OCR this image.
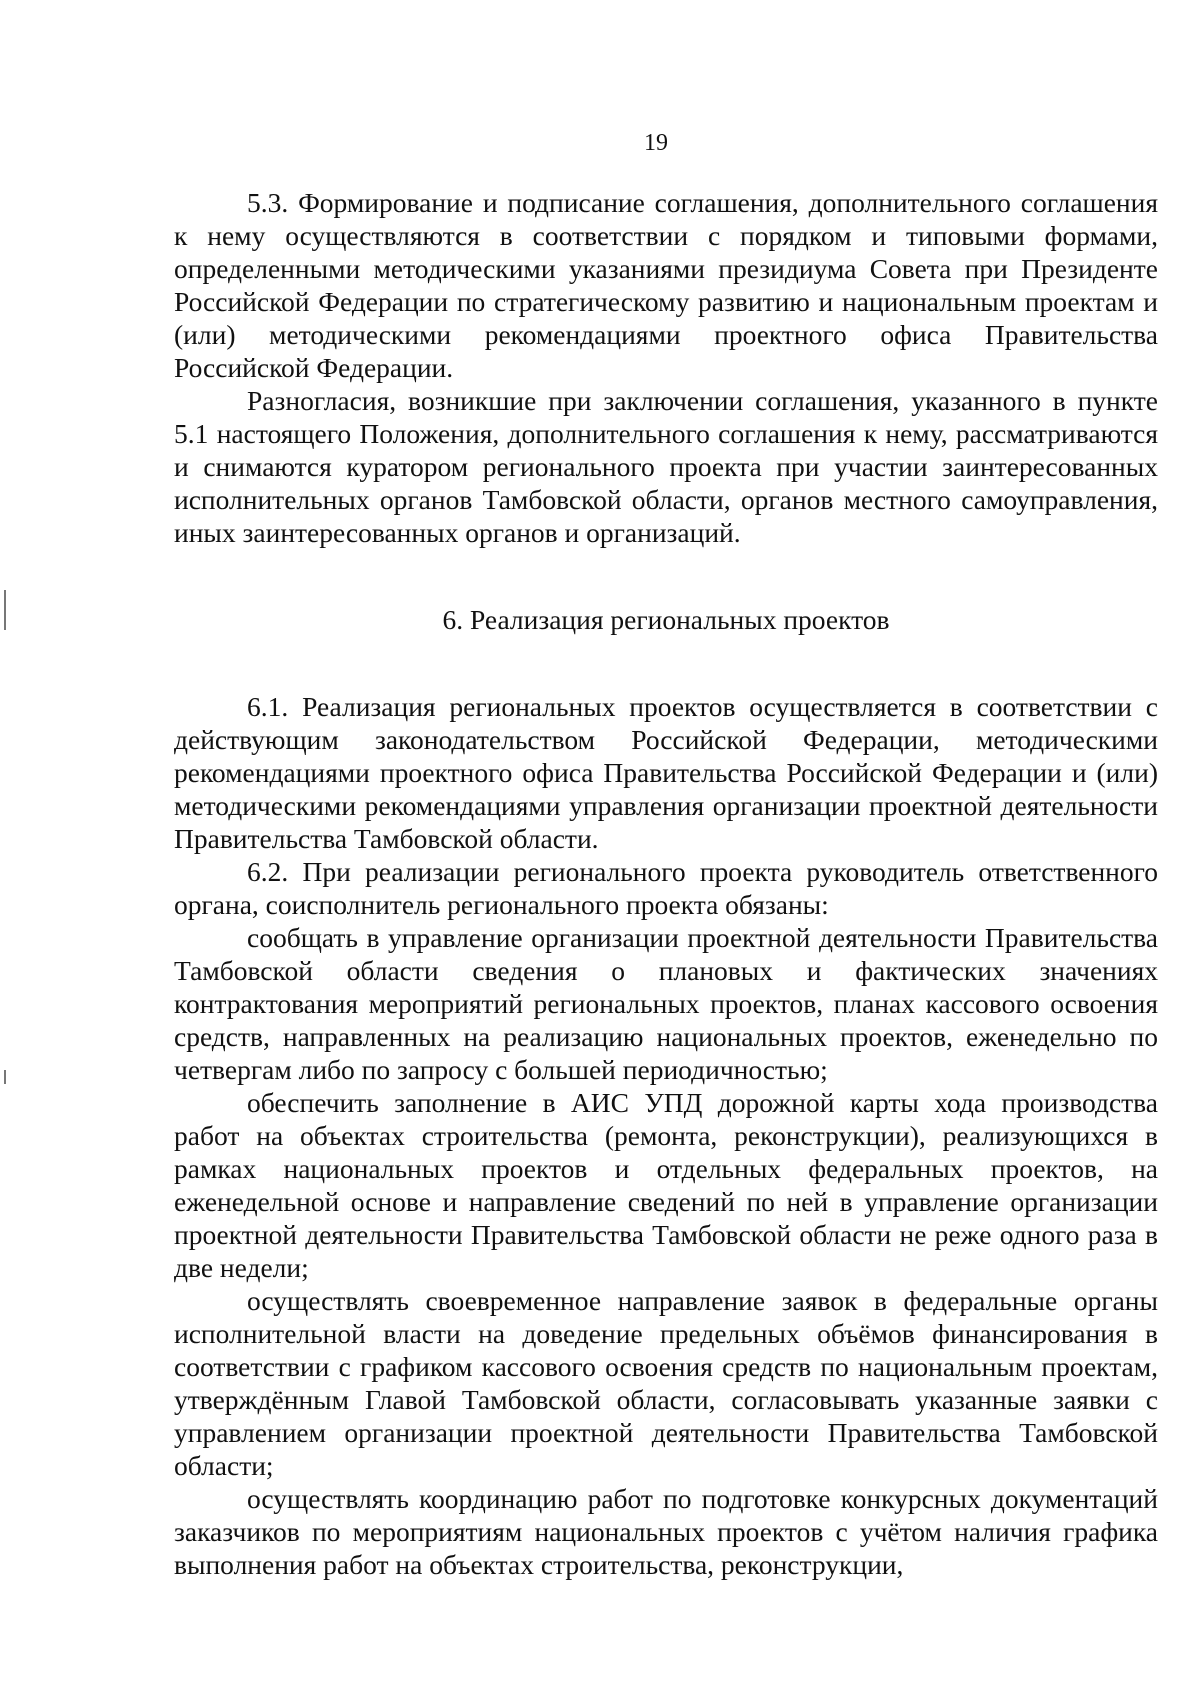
19

5.3. Формирование и подписание соглашения, дополнительного соглашения к нему осуществляются в соответствии с порядком и типовыми формами, определенными методическими указаниями президиума Совета при Президенте Российской Федерации по стратегическому развитию и национальным проектам и (или) методическими рекомендациями проектного офиса Правительства Российской Федерации.

Разногласия, возникшие при заключении соглашения, указанного в пункте 5.1 настоящего Положения, дополнительного соглашения к нему, рассматриваются и снимаются куратором регионального проекта при участии заинтересованных исполнительных органов Тамбовской области, органов местного самоуправления, иных заинтересованных органов и организаций.

6. Реализация региональных проектов

6.1. Реализация региональных проектов осуществляется в соответствии с действующим законодательством Российской Федерации, методическими рекомендациями проектного офиса Правительства Российской Федерации и (или) методическими рекомендациями управления организации проектной деятельности Правительства Тамбовской области.

6.2. При реализации регионального проекта руководитель ответственного органа, соисполнитель регионального проекта обязаны:

сообщать в управление организации проектной деятельности Правительства Тамбовской области сведения о плановых и фактических значениях контрактования мероприятий региональных проектов, планах кассового освоения средств, направленных на реализацию национальных проектов, еженедельно по четвергам либо по запросу с большей периодичностью;

обеспечить заполнение в АИС УПД дорожной карты хода производства работ на объектах строительства (ремонта, реконструкции), реализующихся в рамках национальных проектов и отдельных федеральных проектов, на еженедельной основе и направление сведений по ней в управление организации проектной деятельности Правительства Тамбовской области не реже одного раза в две недели;

осуществлять своевременное направление заявок в федеральные органы исполнительной власти на доведение предельных объёмов финансирования в соответствии с графиком кассового освоения средств по национальным проектам, утверждённым Главой Тамбовской области, согласовывать указанные заявки с управлением организации проектной деятельности Правительства Тамбовской области;

осуществлять координацию работ по подготовке конкурсных документаций заказчиков по мероприятиям национальных проектов с учётом наличия графика выполнения работ на объектах строительства, реконструкции,
